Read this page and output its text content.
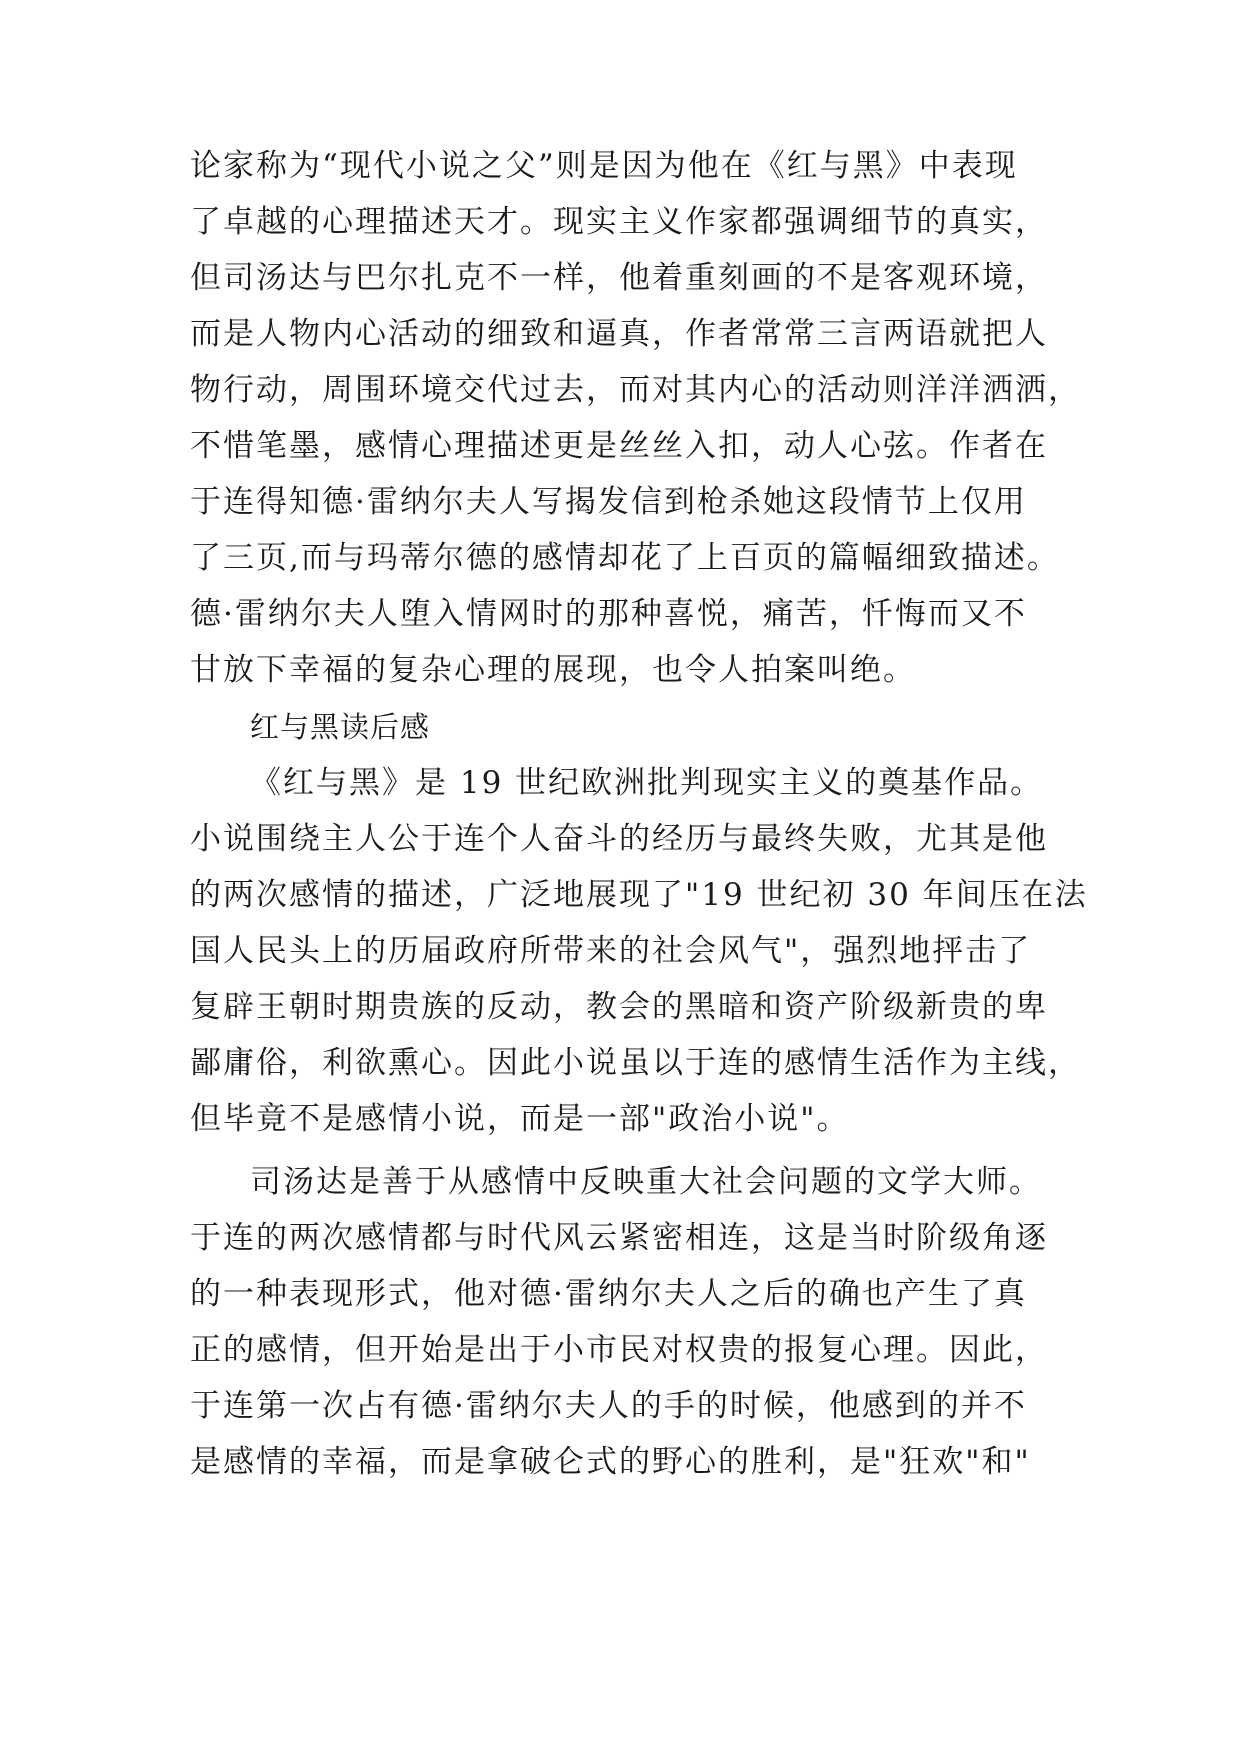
论家称为“现代小说之父”则是因为他在《红与黑》中表现
了卓越的心理描述天才。现实主义作家都强调细节的真实，
但司汤达与巴尔扎克不一样，他着重刻画的不是客观环境，
而是人物内心活动的细致和逼真，作者常常三言两语就把人
物行动，周围环境交代过去，而对其内心的活动则洋洋洒洒，
不惜笔墨，感情心理描述更是丝丝入扣，动人心弦。作者在
于连得知德·雷纳尔夫人写揭发信到枪杀她这段情节上仅用
了三页,而与玛蒂尔德的感情却花了上百页的篇幅细致描述。
德·雷纳尔夫人堕入情网时的那种喜悦，痛苦，忏悔而又不
甘放下幸福的复杂心理的展现，也令人拍案叫绝。
红与黑读后感
《红与黑》是 19 世纪欧洲批判现实主义的奠基作品。
小说围绕主人公于连个人奋斗的经历与最终失败，尤其是他
的两次感情的描述，广泛地展现了"19 世纪初 30 年间压在法
国人民头上的历届政府所带来的社会风气"，强烈地抨击了
复辟王朝时期贵族的反动，教会的黑暗和资产阶级新贵的卑
鄙庸俗，利欲熏心。因此小说虽以于连的感情生活作为主线，
但毕竟不是感情小说，而是一部"政治小说"。
司汤达是善于从感情中反映重大社会问题的文学大师。
于连的两次感情都与时代风云紧密相连，这是当时阶级角逐
的一种表现形式，他对德·雷纳尔夫人之后的确也产生了真
正的感情，但开始是出于小市民对权贵的报复心理。因此，
于连第一次占有德·雷纳尔夫人的手的时候，他感到的并不
是感情的幸福，而是拿破仑式的野心的胜利，是"狂欢"和"
